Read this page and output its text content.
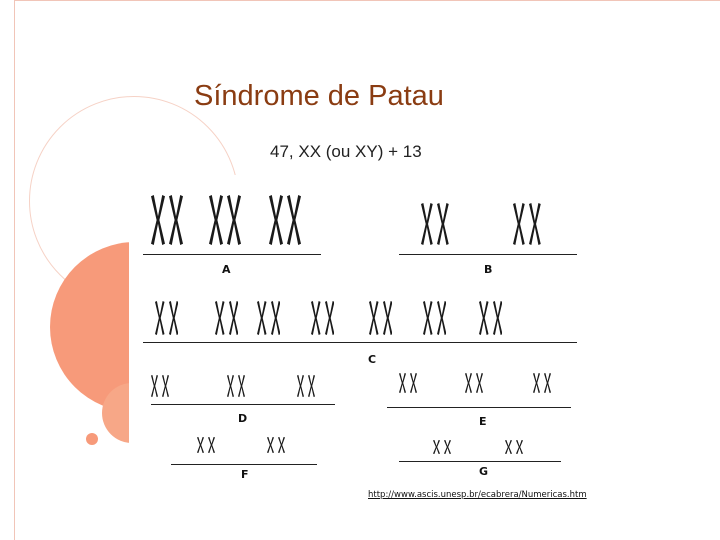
Síndrome de Patau

47, XX (ou XY) + 13

A	B
C
D	E
F	G
http://www.ascis.unesp.br/ecabrera/Numericas.htm
